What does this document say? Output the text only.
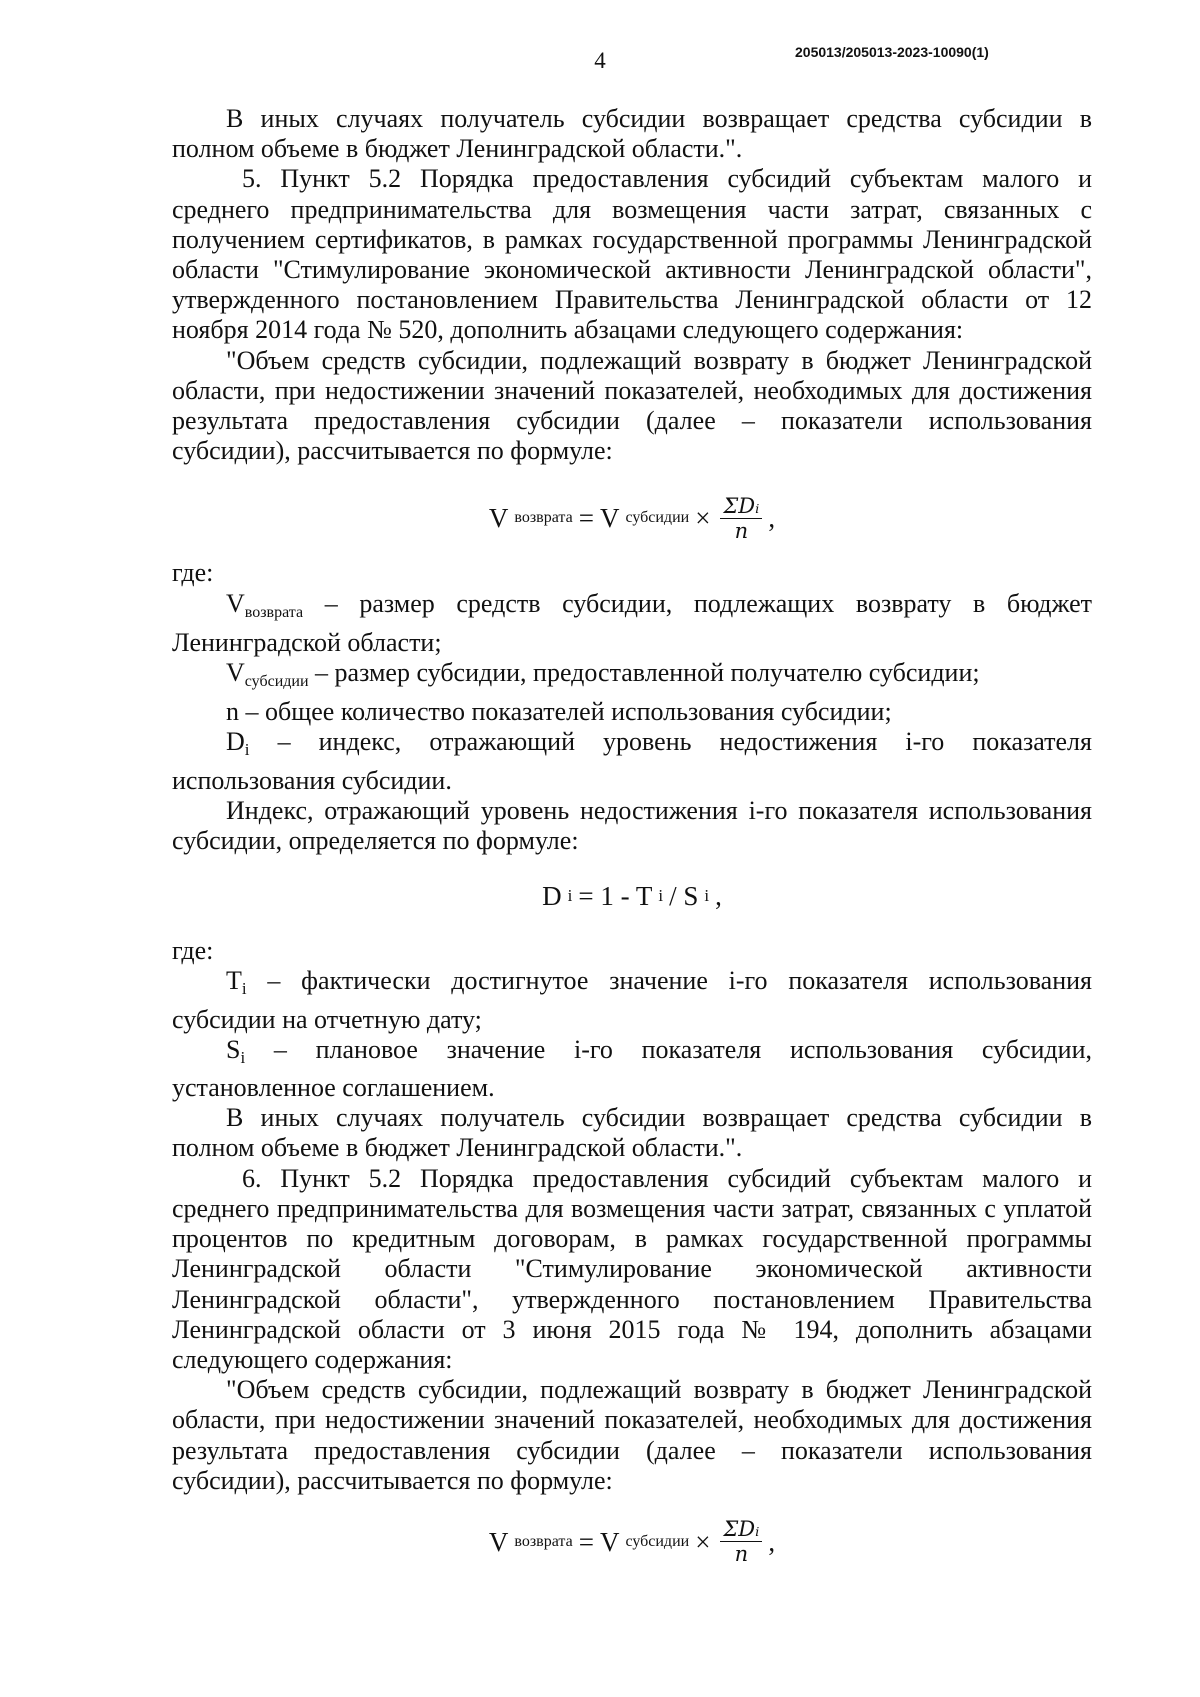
4	205013/205013-2023-10090(1)

В иных случаях получатель субсидии возвращает средства субсидии в полном объеме в бюджет Ленинградской области.".

5. Пункт 5.2 Порядка предоставления субсидий субъектам малого и среднего предпринимательства для возмещения части затрат, связанных с получением сертификатов, в рамках государственной программы Ленинградской области "Стимулирование экономической активности Ленинградской области", утвержденного постановлением Правительства Ленинградской области от 12 ноября 2014 года № 520, дополнить абзацами следующего содержания:

"Объем средств субсидии, подлежащий возврату в бюджет Ленинградской области, при недостижении значений показателей, необходимых для достижения результата предоставления субсидии (далее – показатели использования субсидии), рассчитывается по формуле:

V возврата = V субсидии × $\frac{\text{ΣDᵢ}}{n}$ ,

где:

Vвозврата – размер средств субсидии, подлежащих возврату в бюджет Ленинградской области;

Vсубсидии – размер субсидии, предоставленной получателю субсидии;

n – общее количество показателей использования субсидии;

Di – индекс, отражающий уровень недостижения i-го показателя использования субсидии.

Индекс, отражающий уровень недостижения i-го показателя использования субсидии, определяется по формуле:

D i = 1 - T i / S i ,

где:

Ti – фактически достигнутое значение i-го показателя использования субсидии на отчетную дату;

Si – плановое значение i-го показателя использования субсидии, установленное соглашением.

В иных случаях получатель субсидии возвращает средства субсидии в полном объеме в бюджет Ленинградской области.".

6. Пункт 5.2 Порядка предоставления субсидий субъектам малого и среднего предпринимательства для возмещения части затрат, связанных с уплатой процентов по кредитным договорам, в рамках государственной программы Ленинградской области "Стимулирование экономической активности Ленинградской области", утвержденного постановлением Правительства Ленинградской области от 3 июня 2015 года № 194, дополнить абзацами следующего содержания:

"Объем средств субсидии, подлежащий возврату в бюджет Ленинградской области, при недостижении значений показателей, необходимых для достижения результата предоставления субсидии (далее – показатели использования субсидии), рассчитывается по формуле:

V возврата = V субсидии × $\frac{\text{ΣDᵢ}}{n}$ ,
